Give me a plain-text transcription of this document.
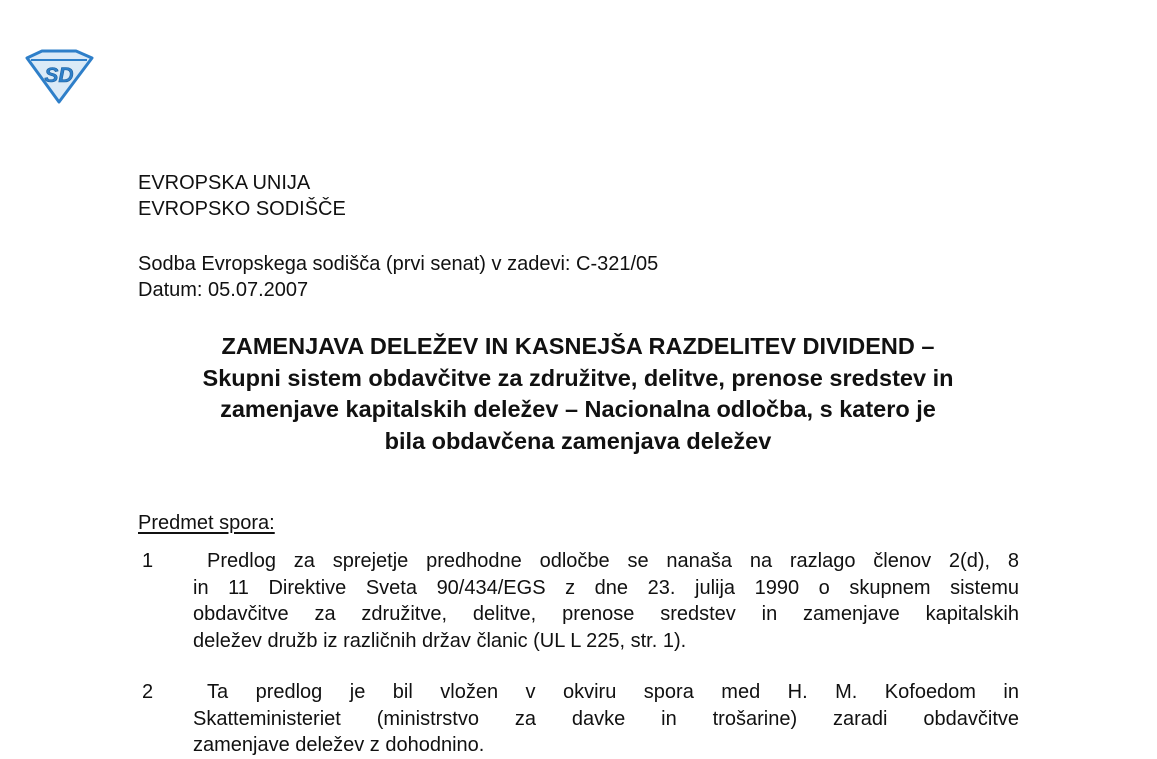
SD
EVROPSKA UNIJA
EVROPSKO SODIŠČE
Sodba Evropskega sodišča (prvi senat) v zadevi: C-321/05
Datum: 05.07.2007
ZAMENJAVA DELEŽEV IN KASNEJŠA RAZDELITEV DIVIDEND –
Skupni sistem obdavčitve za združitve, delitve, prenose sredstev in
zamenjave kapitalskih deležev – Nacionalna odločba, s katero je
bila obdavčena zamenjava deležev
Predmet spora:
1	Predlog za sprejetje predhodne odločbe se nanaša na razlago členov 2(d), 8
in 11 Direktive Sveta 90/434/EGS z dne 23. julija 1990 o skupnem sistemu
obdavčitve za združitve, delitve, prenose sredstev in zamenjave kapitalskih
deležev družb iz različnih držav članic (UL L 225, str. 1).
2	Ta predlog je bil vložen v okviru spora med H. M. Kofoedom in
Skatteministeriet (ministrstvo za davke in trošarine) zaradi obdavčitve
zamenjave deležev z dohodnino.
